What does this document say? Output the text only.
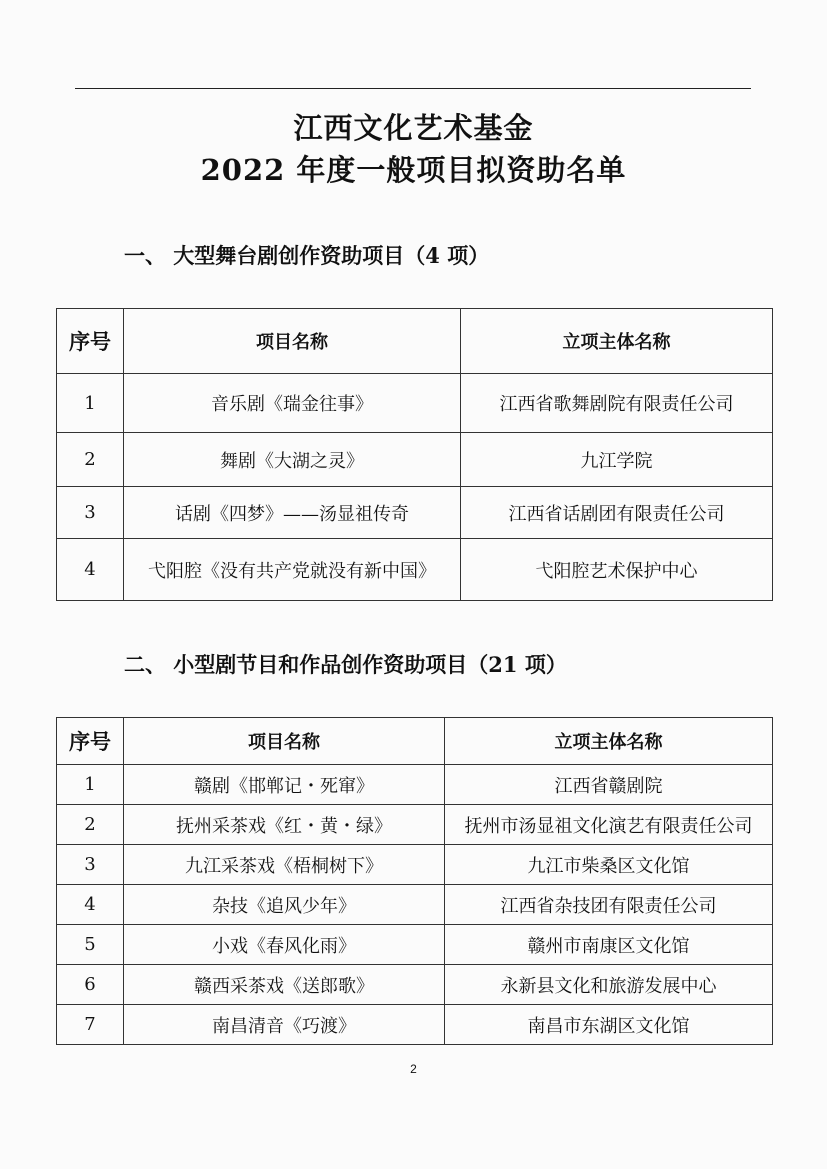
江西文化艺术基金
2022 年度一般项目拟资助名单
一、 大型舞台剧创作资助项目（4 项）
序号	项目名称	立项主体名称
1	音乐剧《瑞金往事》	江西省歌舞剧院有限责任公司
2	舞剧《大湖之灵》	九江学院
3	话剧《四梦》——汤显祖传奇	江西省话剧团有限责任公司
4	弋阳腔《没有共产党就没有新中国》	弋阳腔艺术保护中心
二、 小型剧节目和作品创作资助项目（21 项）
序号	项目名称	立项主体名称
1	赣剧《邯郸记・死窜》	江西省赣剧院
2	抚州采茶戏《红・黄・绿》	抚州市汤显祖文化演艺有限责任公司
3	九江采茶戏《梧桐树下》	九江市柴桑区文化馆
4	杂技《追风少年》	江西省杂技团有限责任公司
5	小戏《春风化雨》	赣州市南康区文化馆
6	赣西采茶戏《送郎歌》	永新县文化和旅游发展中心
7	南昌清音《巧渡》	南昌市东湖区文化馆
2
